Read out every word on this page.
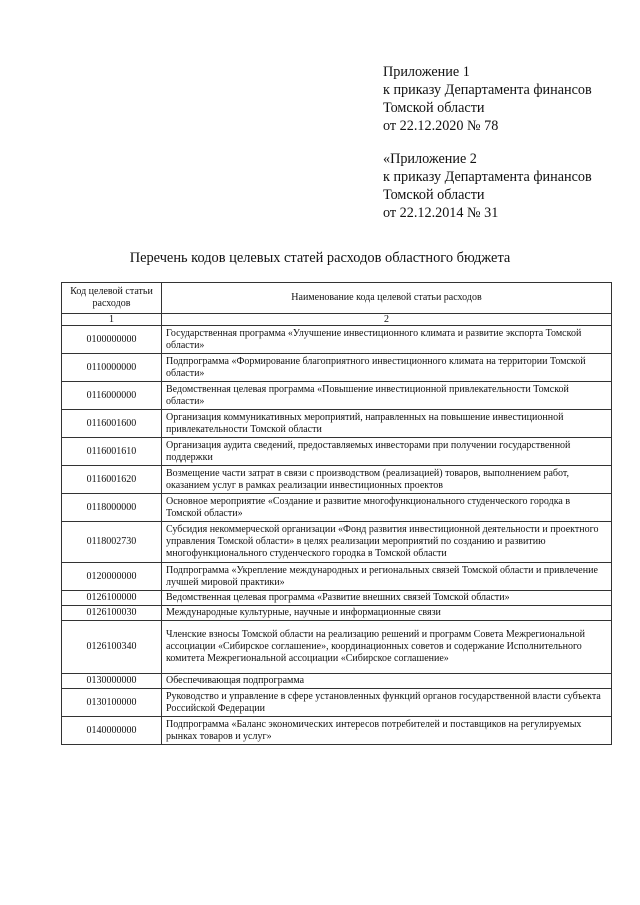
Приложение 1
к приказу Департамента финансов
Томской области
от 22.12.2020 № 78
«Приложение 2
к приказу Департамента финансов
Томской области
от 22.12.2014 № 31
Перечень кодов целевых статей расходов областного бюджета
Код целевой статьи расходов	Наименование кода целевой статьи расходов
1	2
0100000000	Государственная программа «Улучшение инвестиционного климата и развитие экспорта Томской области»
0110000000	Подпрограмма «Формирование благоприятного инвестиционного климата на территории Томской области»
0116000000	Ведомственная целевая программа «Повышение инвестиционной привлекательности Томской области»
0116001600	Организация коммуникативных мероприятий, направленных на повышение инвестиционной привлекательности Томской области
0116001610	Организация аудита сведений, предоставляемых инвесторами при получении государственной поддержки
0116001620	Возмещение части затрат в связи с производством (реализацией) товаров, выполнением работ, оказанием услуг в рамках реализации инвестиционных проектов
0118000000	Основное мероприятие «Создание и развитие многофункционального студенческого городка в Томской области»
0118002730	Субсидия некоммерческой организации «Фонд развития инвестиционной деятельности и проектного управления Томской области» в целях реализации мероприятий по созданию и развитию многофункционального студенческого городка в Томской области
0120000000	Подпрограмма «Укрепление международных и региональных связей Томской области и привлечение лучшей мировой практики»
0126100000	Ведомственная целевая программа «Развитие внешних связей Томской области»
0126100030	Международные культурные, научные и информационные связи
0126100340	Членские взносы Томской области на реализацию решений и программ Совета Межрегиональной ассоциации «Сибирское соглашение», координационных советов и содержание Исполнительного комитета Межрегиональной ассоциации «Сибирское соглашение»
0130000000	Обеспечивающая подпрограмма
0130100000	Руководство и управление в сфере установленных функций органов государственной власти субъекта Российской Федерации
0140000000	Подпрограмма «Баланс экономических интересов потребителей и поставщиков на регулируемых рынках товаров и услуг»
